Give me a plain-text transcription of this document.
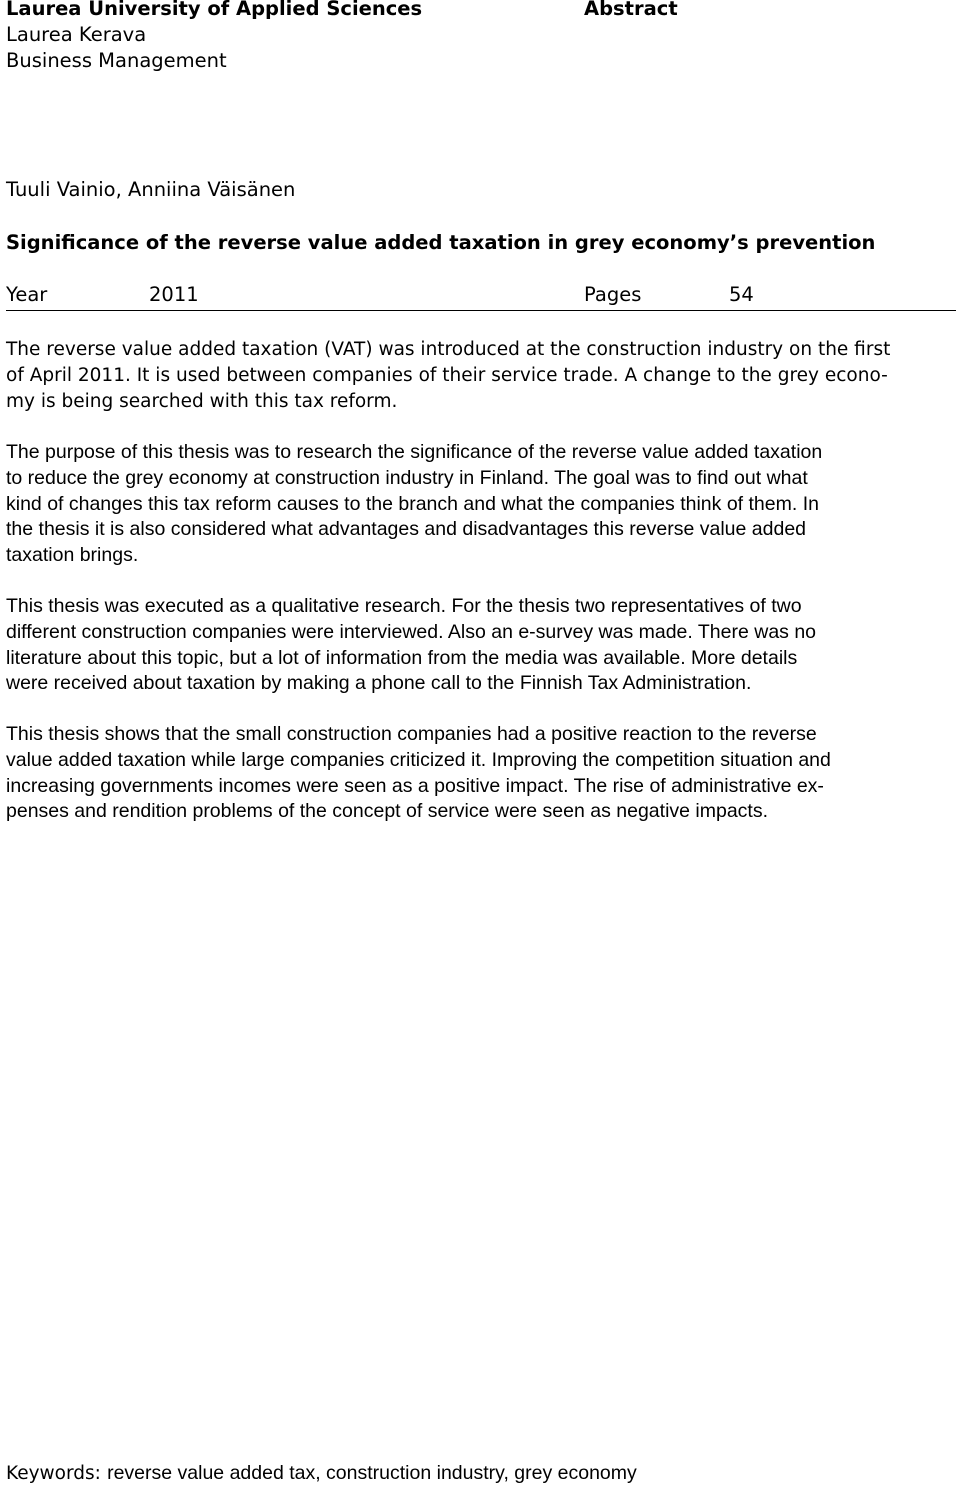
Laurea University of Applied Sciences
Laurea Kerava
Business Management
Abstract
Tuuli Vainio, Anniina Väisänen
Significance of the reverse value added taxation in grey economy’s prevention
Year	2011	Pages	54

The reverse value added taxation (VAT) was introduced at the construction industry on the first
of April 2011. It is used between companies of their service trade. A change to the grey econo-
my is being searched with this tax reform.

The purpose of this thesis was to research the significance of the reverse value added taxation
to reduce the grey economy at construction industry in Finland. The goal was to find out what
kind of changes this tax reform causes to the branch and what the companies think of them. In
the thesis it is also considered what advantages and disadvantages this reverse value added
taxation brings.

This thesis was executed as a qualitative research. For the thesis two representatives of two
different construction companies were interviewed. Also an e-survey was made. There was no
literature about this topic, but a lot of information from the media was available. More details
were received about taxation by making a phone call to the Finnish Tax Administration.

This thesis shows that the small construction companies had a positive reaction to the reverse
value added taxation while large companies criticized it. Improving the competition situation and
increasing governments incomes were seen as a positive impact. The rise of administrative ex-
penses and rendition problems of the concept of service were seen as negative impacts.

Keywords: reverse value added tax, construction industry, grey economy
